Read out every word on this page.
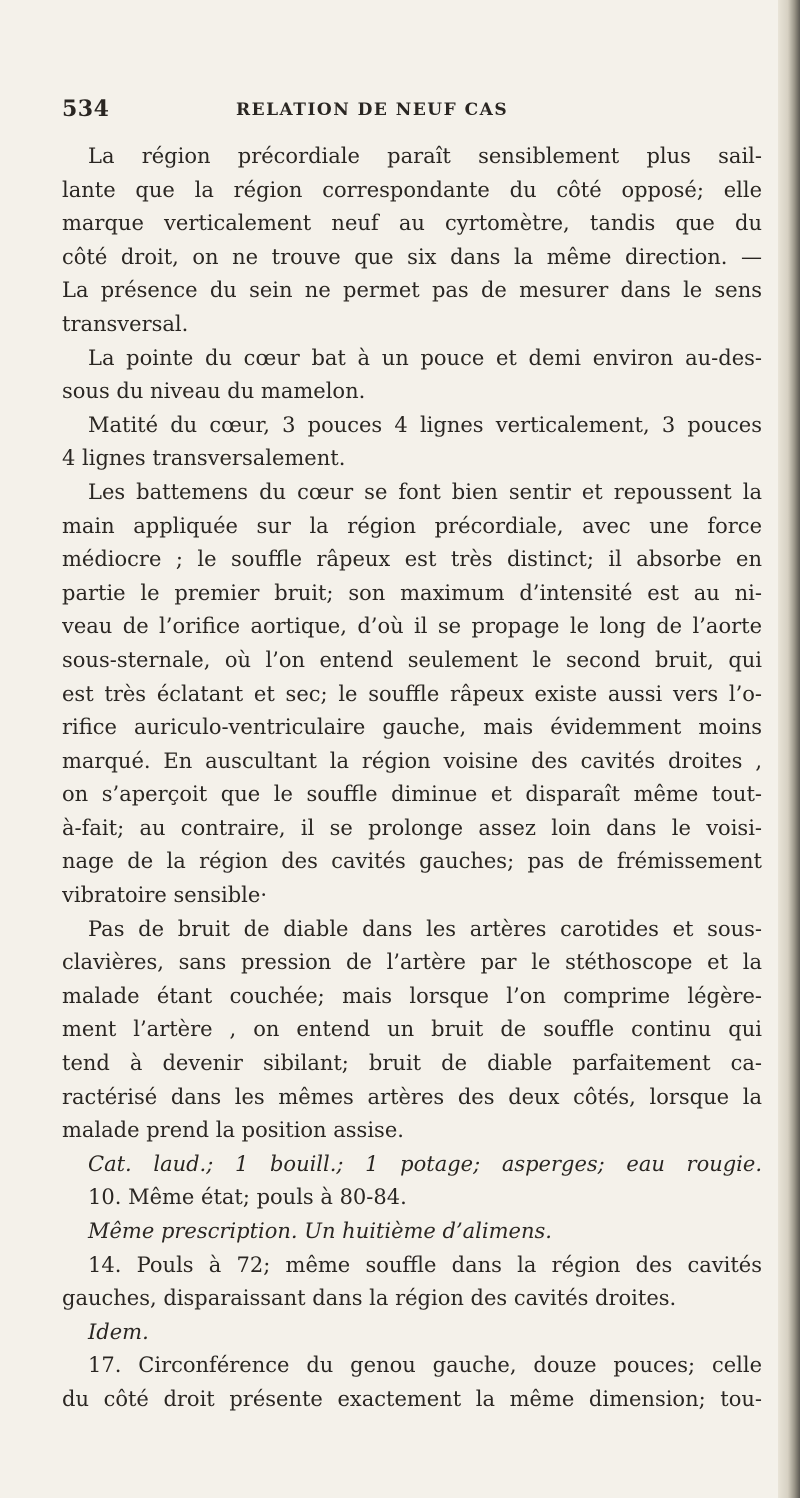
534	RELATION DE NEUF CAS
La région précordiale paraît sensiblement plus sail-
lante que la région correspondante du côté opposé; elle
marque verticalement neuf au cyrtomètre, tandis que du
côté droit, on ne trouve que six dans la même direction. —
La présence du sein ne permet pas de mesurer dans le sens
transversal.
La pointe du cœur bat à un pouce et demi environ au-des-
sous du niveau du mamelon.
Matité du cœur, 3 pouces 4 lignes verticalement, 3 pouces
4 lignes transversalement.
Les battemens du cœur se font bien sentir et repoussent la
main appliquée sur la région précordiale, avec une force
médiocre ; le souffle râpeux est très distinct; il absorbe en
partie le premier bruit; son maximum d’intensité est au ni-
veau de l’orifice aortique, d’où il se propage le long de l’aorte
sous-sternale, où l’on entend seulement le second bruit, qui
est très éclatant et sec; le souffle râpeux existe aussi vers l’o-
rifice auriculo-ventriculaire gauche, mais évidemment moins
marqué. En auscultant la région voisine des cavités droites ,
on s’aperçoit que le souffle diminue et disparaît même tout-
à-fait; au contraire, il se prolonge assez loin dans le voisi-
nage de la région des cavités gauches; pas de frémissement
vibratoire sensible·
Pas de bruit de diable dans les artères carotides et sous-
clavières, sans pression de l’artère par le stéthoscope et la
malade étant couchée; mais lorsque l’on comprime légère-
ment l’artère , on entend un bruit de souffle continu qui
tend à devenir sibilant; bruit de diable parfaitement ca-
ractérisé dans les mêmes artères des deux côtés, lorsque la
malade prend la position assise.
Cat. laud.; 1 bouill.; 1 potage; asperges; eau rougie.
10. Même état; pouls à 80-84.
Même prescription. Un huitième d’alimens.
14. Pouls à 72; même souffle dans la région des cavités
gauches, disparaissant dans la région des cavités droites.
Idem.
17. Circonférence du genou gauche, douze pouces; celle
du côté droit présente exactement la même dimension; tou-
